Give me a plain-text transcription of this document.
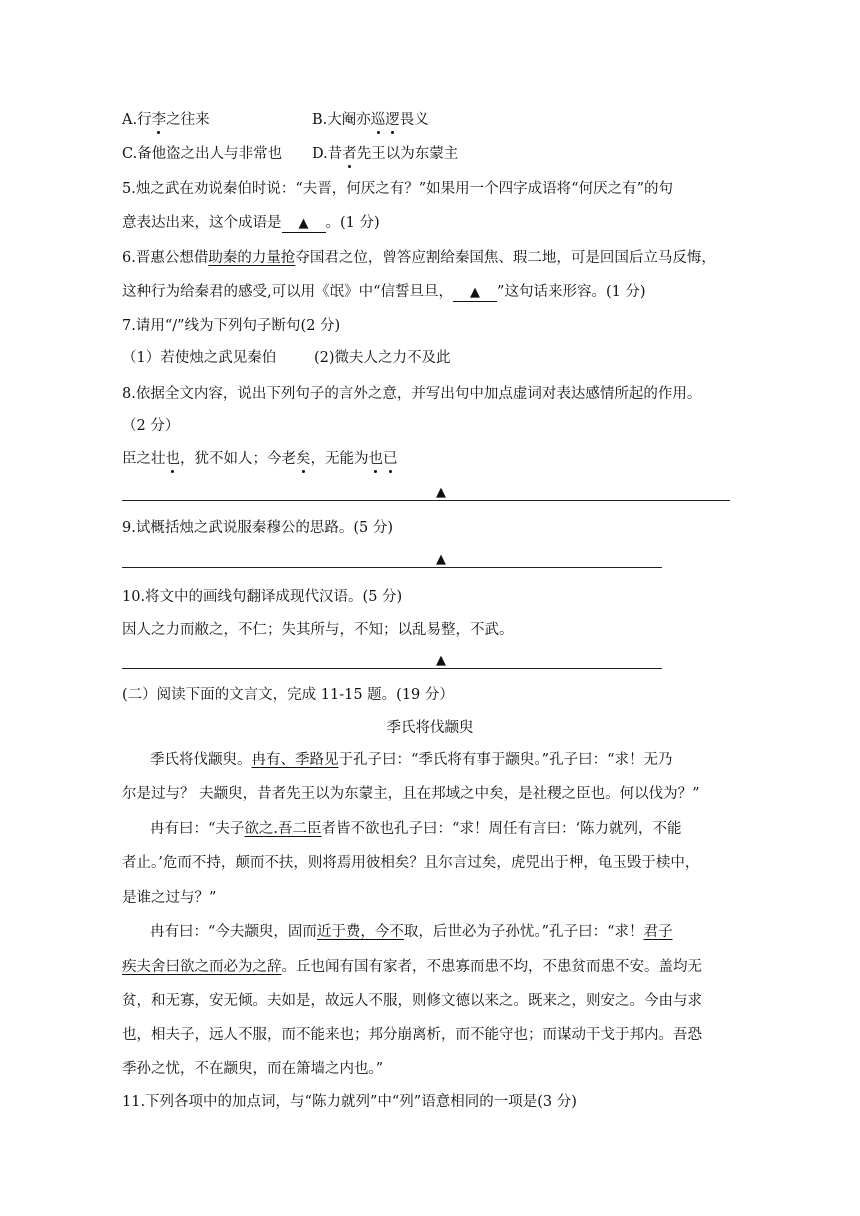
A.行李之往来	B.大阉亦巡逻畏义
C.备他盗之出人与非常也 D.昔者先王以为东蒙主
5.烛之武在劝说秦伯时说：“夫晋，何厌之有？”如果用一个四字成语将“何厌之有”的句
意表达出来，这个成语是 ▲ 。(1 分)
6.晋惠公想借助秦的力量抢夺国君之位，曾答应割给秦国焦、瑕二地，可是回国后立马反悔，
这种行为给秦君的感受,可以用《氓》中“信誓旦旦， ▲ ”这句话来形容。(1 分)
7.请用“/”线为下列句子断句(2 分)
（1）若使烛之武见秦伯	(2)微夫人之力不及此
8.依据全文内容，说出下列句子的言外之意，并写出句中加点虚词对表达感情所起的作用。
（2 分）
臣之壮也，犹不如人；今老矣，无能为也已
▲
9.试概括烛之武说服秦穆公的思路。(5 分)
▲
10.将文中的画线句翻译成现代汉语。(5 分)
因人之力而敝之，不仁；失其所与，不知；以乱易整，不武。
▲
(二）阅读下面的文言文，完成 11-15 题。(19 分）
季氏将伐颛臾
季氏将伐颛臾。冉有、季路见于孔子曰：“季氏将有事于颛臾。”孔子曰：“求！无乃
尔是过与？ 夫颛臾，昔者先王以为东蒙主，且在邦域之中矣，是社稷之臣也。何以伐为？”
冉有曰：“夫子欲之.吾二臣者皆不欲也孔子曰：“求！周任有言曰：‘陈力就列，不能
者止。’危而不持，颠而不扶，则将焉用彼相矣？且尔言过矣，虎兕出于柙，龟玉毁于椟中，
是谁之过与？”
冉有曰：“今夫颛臾，固而近于费，今不取，后世必为子孙忧。”孔子曰：“求！君子
疾夫舍曰欲之而必为之辞。丘也闻有国有家者，不患寡而患不均，不患贫而患不安。盖均无
贫，和无寡，安无倾。夫如是，故远人不服，则修文德以来之。既来之，则安之。今由与求
也，相夫子，远人不服，而不能来也；邦分崩离析，而不能守也；而谋动干戈于邦内。吾恐
季孙之忧，不在颛臾，而在箫墙之内也。”
11.下列各项中的加点词，与“陈力就列”中“列”语意相同的一项是(3 分)
